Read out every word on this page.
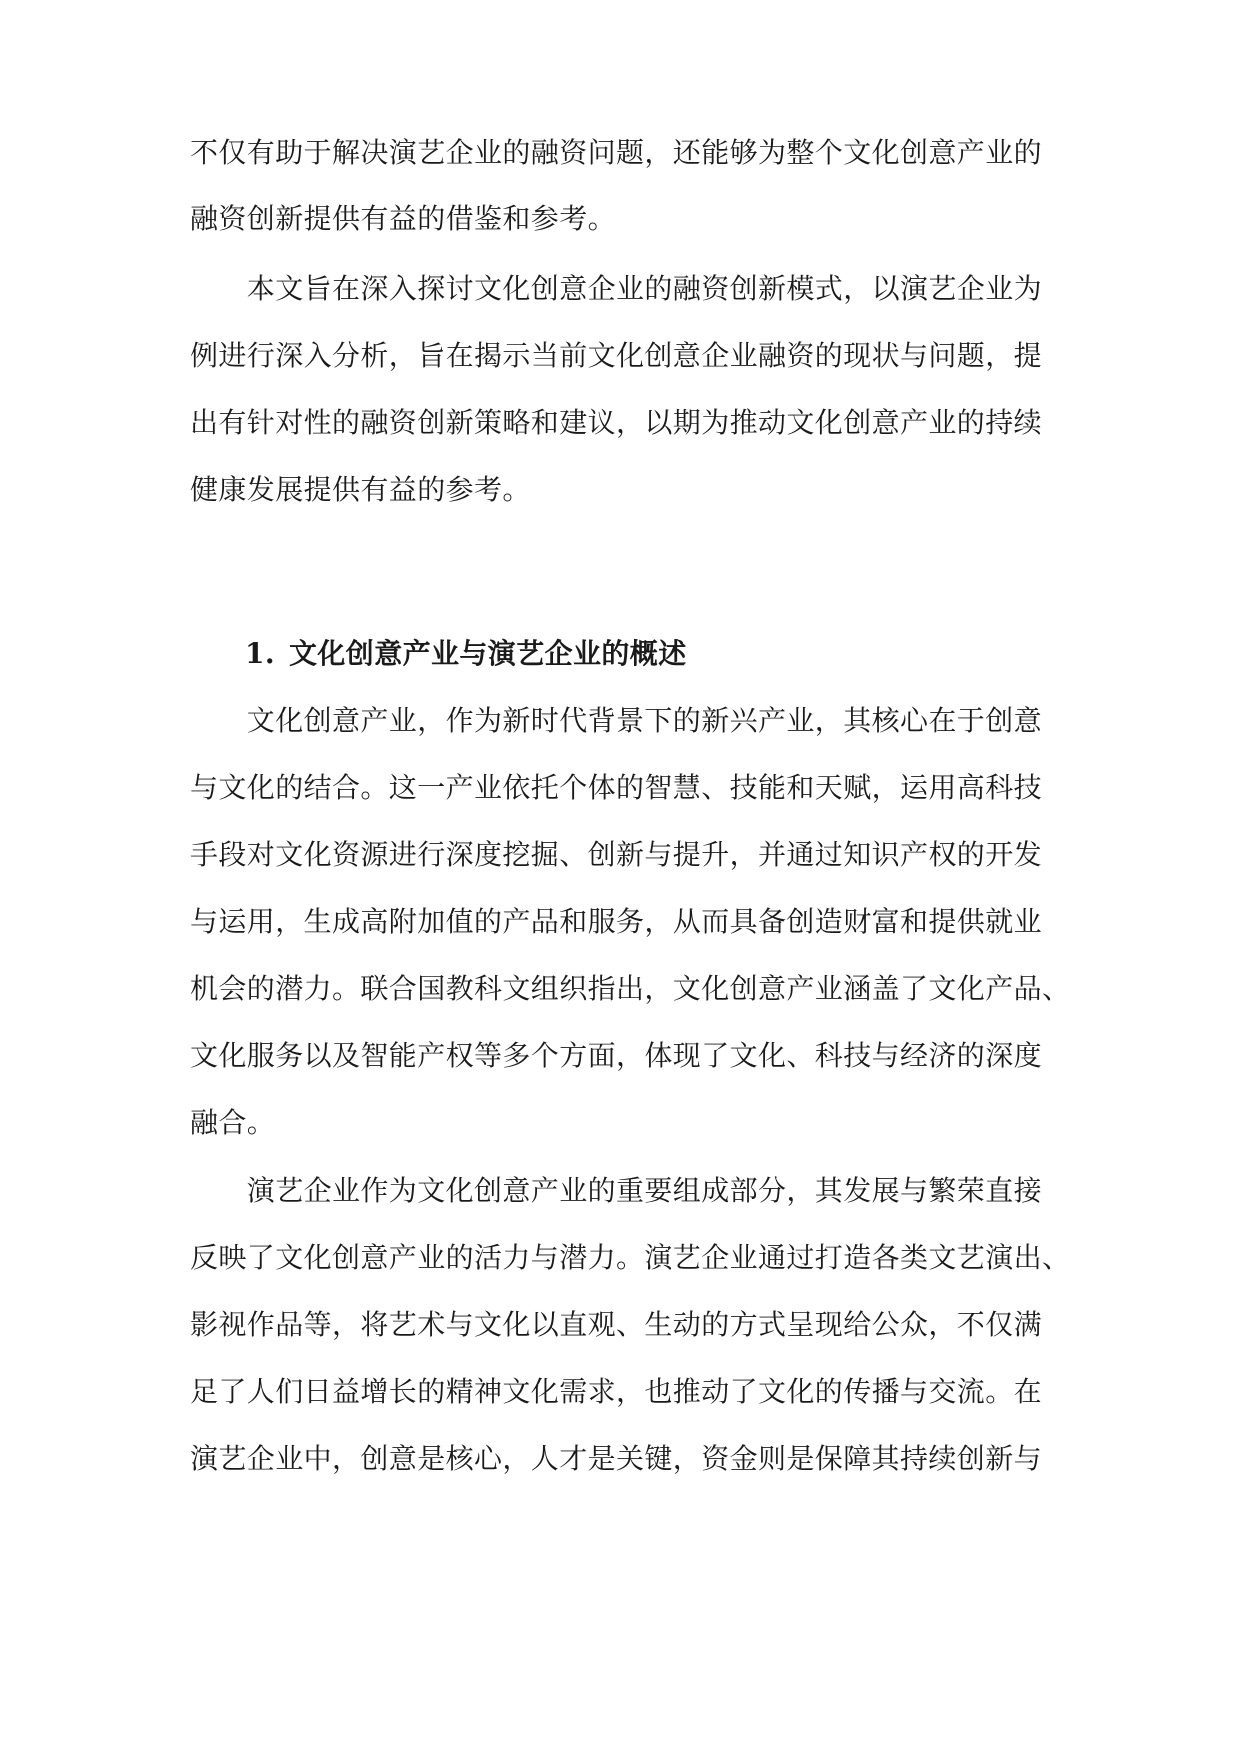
不仅有助于解决演艺企业的融资问题，还能够为整个文化创意产业的
融资创新提供有益的借鉴和参考。
　　本文旨在深入探讨文化创意企业的融资创新模式，以演艺企业为
例进行深入分析，旨在揭示当前文化创意企业融资的现状与问题，提
出有针对性的融资创新策略和建议，以期为推动文化创意产业的持续
健康发展提供有益的参考。
1. 文化创意产业与演艺企业的概述
　　文化创意产业，作为新时代背景下的新兴产业，其核心在于创意
与文化的结合。这一产业依托个体的智慧、技能和天赋，运用高科技
手段对文化资源进行深度挖掘、创新与提升，并通过知识产权的开发
与运用，生成高附加值的产品和服务，从而具备创造财富和提供就业
机会的潜力。联合国教科文组织指出，文化创意产业涵盖了文化产品、
文化服务以及智能产权等多个方面，体现了文化、科技与经济的深度
融合。
　　演艺企业作为文化创意产业的重要组成部分，其发展与繁荣直接
反映了文化创意产业的活力与潜力。演艺企业通过打造各类文艺演出、
影视作品等，将艺术与文化以直观、生动的方式呈现给公众，不仅满
足了人们日益增长的精神文化需求，也推动了文化的传播与交流。在
演艺企业中，创意是核心，人才是关键，资金则是保障其持续创新与
